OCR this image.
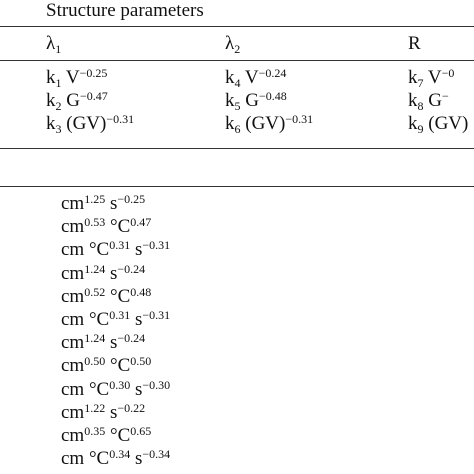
Structure parameters
$\lambda_1$	$\lambda_2$	R
$k_1$ $V^{-0.25}$
$k_2$ $G^{-0.47}$
$k_3$ (GV)$^{-0.31}$
$k_4$ $V^{-0.24}$
$k_5$ $G^{-0.48}$
$k_6$ (GV)$^{-0.31}$
$k_7$ $V^{-0}$
$k_8$ G−
$k_9$ (GV)
$cm^{1.25}$ $s^{-0.25}$
$cm^{0.53}$ $^\circ C^{0.47}$
cm $^\circ C^{0.31}$ $s^{-0.31}$
$cm^{1.24}$ $s^{-0.24}$
$cm^{0.52}$ $^\circ C^{0.48}$
cm $^\circ C^{0.31}$ $s^{-0.31}$
$cm^{1.24}$ $s^{-0.24}$
$cm^{0.50}$ $^\circ C^{0.50}$
cm $^\circ C^{0.30}$ $s^{-0.30}$
$cm^{1.22}$ $s^{-0.22}$
$cm^{0.35}$ $^\circ C^{0.65}$
cm $^\circ C^{0.34}$ $s^{-0.34}$
